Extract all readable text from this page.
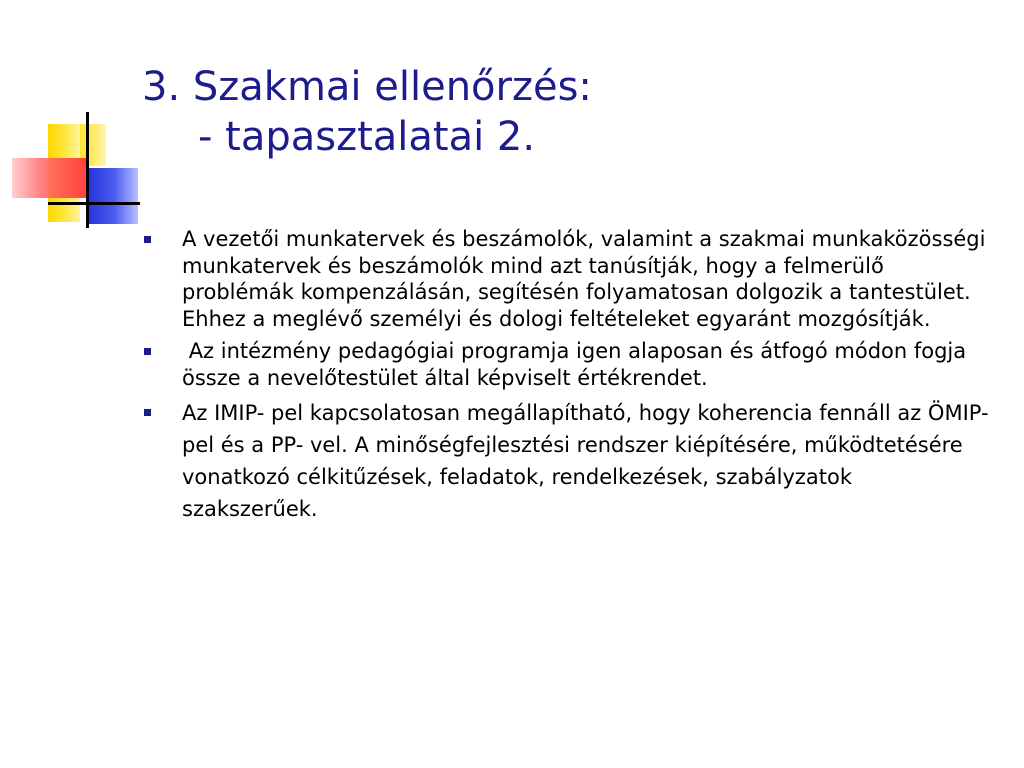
3. Szakmai ellenőrzés:
- tapasztalatai 2.
A vezetői munkatervek és beszámolók, valamint a szakmai munkaközösségi munkatervek és beszámolók mind azt tanúsítják, hogy a felmerülő problémák kompenzálásán, segítésén folyamatosan dolgozik a tantestület. Ehhez a meglévő személyi és dologi feltételeket egyaránt mozgósítják.
Az intézmény pedagógiai programja igen alaposan és átfogó módon fogja össze a nevelőtestület által képviselt értékrendet.
Az IMIP- pel kapcsolatosan megállapítható, hogy koherencia fennáll az ÖMIP-pel és a PP- vel. A minőségfejlesztési rendszer kiépítésére, működtetésére vonatkozó célkitűzések, feladatok, rendelkezések, szabályzatok szakszerűek.
